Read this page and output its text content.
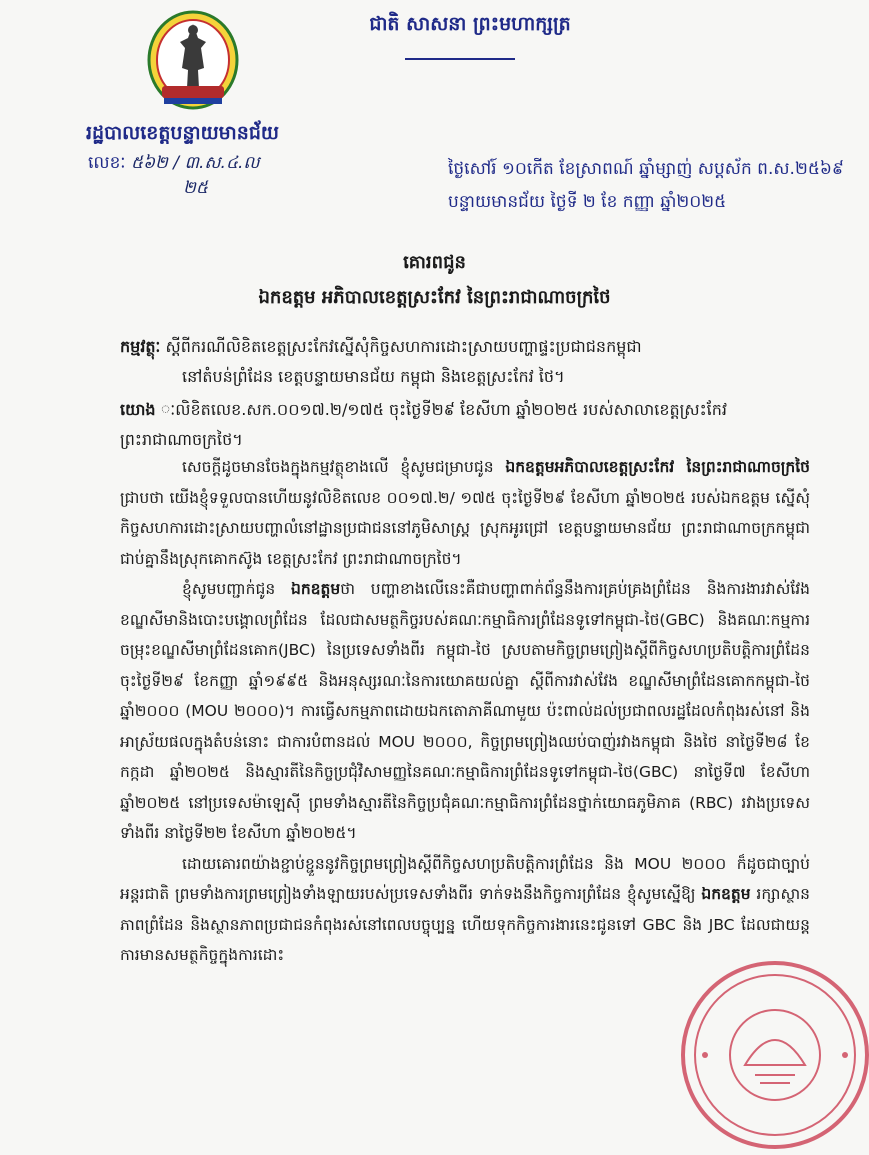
ជាតិ សាសនា ព្រះមហាក្សត្រ
រដ្ឋបាលខេត្តបន្ទាយមានជ័យ
លេខៈ ៥៦២ / ៣.ស.៤.ល
២៥
ថ្ងៃសៅរ៍ ១០កើត ខែស្រាពណ៍ ឆ្នាំម្សាញ់ សប្តស័ក ព.ស.២៥៦៩
បន្ទាយមានជ័យ ថ្ងៃទី ២ ខែ កញ្ញា ឆ្នាំ២០២៥
គោរពជូន
ឯកឧត្តម អភិបាលខេត្តស្រះកែវ នៃព្រះរាជាណាចក្រថៃ
កម្មវត្ថុៈ ស្តីពីករណីលិខិតខេត្តស្រះកែវស្នើសុំកិច្ចសហការដោះស្រាយបញ្ហាផ្ទះប្រជាជនកម្ពុជា
នៅតំបន់ព្រំដែន ខេត្តបន្ទាយមានជ័យ កម្ពុជា និងខេត្តស្រះកែវ ថៃ។
យោង ៈលិខិតលេខ.សក.០០១៧.២/១៧៥ ចុះថ្ងៃទី២៩ ខែសីហា ឆ្នាំ២០២៥ របស់សាលាខេត្តស្រះកែវ
ព្រះរាជាណាចក្រថៃ។

សេចក្តីដូចមានចែងក្នុងកម្មវត្ថុខាងលើ ខ្ញុំសូមជម្រាបជូន ឯកឧត្តមអភិបាលខេត្តស្រះកែវ នៃព្រះរាជាណាចក្រថៃ ជ្រាបថា យើងខ្ញុំទទួលបានហើយនូវលិខិតលេខ ០០១៧.២/ ១៧៥ ចុះថ្ងៃទី២៩ ខែសីហា ឆ្នាំ២០២៥ របស់ឯកឧត្តម ស្នើសុំកិច្ចសហការដោះស្រាយបញ្ហាលំនៅដ្ឋានប្រជាជននៅភូមិសាស្រ្ត ស្រុកអូរជ្រៅ ខេត្តបន្ទាយមានជ័យ ព្រះរាជាណាចក្រកម្ពុជា ជាប់គ្នានឹងស្រុកគោកស៊ូង ខេត្តស្រះកែវ ព្រះរាជាណាចក្រថៃ។

ខ្ញុំសូមបញ្ជាក់ជូន ឯកឧត្តមថា បញ្ហាខាងលើនេះគឺជាបញ្ហាពាក់ព័ន្ធនឹងការគ្រប់គ្រងព្រំដែន និងការងារវាស់វែង ខណ្ឌសីមានិងបោះបង្គោលព្រំដែន ដែលជាសមត្ថកិច្ចរបស់គណៈកម្មាធិការព្រំដែនទូទៅកម្ពុជា-ថៃ(GBC) និងគណៈកម្មការចម្រុះខណ្ឌសីមាព្រំដែនគោក(JBC) នៃប្រទេសទាំងពីរ កម្ពុជា-ថៃ ស្របតាមកិច្ចព្រមព្រៀងស្តីពីកិច្ចសហប្រតិបត្តិការព្រំដែន ចុះថ្ងៃទី២៩ ខែកញ្ញា ឆ្នាំ១៩៩៥ និងអនុស្សរណៈនៃការយោគយល់គ្នា ស្តីពីការវាស់វែង ខណ្ឌសីមាព្រំដែនគោកកម្ពុជា-ថៃ ឆ្នាំ២០០០ (MOU ២០០០)។ ការធ្វើសកម្មភាពដោយឯកតោភាគីណាមួយ ប៉ះពាល់ដល់ប្រជាពលរដ្ឋដែលកំពុងរស់នៅ និងអាស្រ័យផលក្នុងតំបន់នោះ ជាការបំពានដល់ MOU ២០០០, កិច្ចព្រមព្រៀងឈប់បាញ់រវាងកម្ពុជា និងថៃ នាថ្ងៃទី២៨ ខែកក្កដា ឆ្នាំ២០២៥ និងស្មារតីនៃកិច្ចប្រជុំវិសាមញ្ញនៃគណៈកម្មាធិការព្រំដែនទូទៅកម្ពុជា-ថៃ(GBC) នាថ្ងៃទី៧ ខែសីហា ឆ្នាំ២០២៥ នៅប្រទេសម៉ាឡេស៊ី ព្រមទាំងស្មារតីនៃកិច្ចប្រជុំគណៈកម្មាធិការព្រំដែនថ្នាក់យោធភូមិភាគ (RBC) រវាងប្រទេសទាំងពីរ នាថ្ងៃទី២២ ខែសីហា ឆ្នាំ២០២៥។

ដោយគោរពយ៉ាងខ្ជាប់ខ្ជួននូវកិច្ចព្រមព្រៀងស្តីពីកិច្ចសហប្រតិបត្តិការព្រំដែន និង MOU ២០០០ ក៏ដូចជាច្បាប់អន្តរជាតិ ព្រមទាំងការព្រមព្រៀងទាំងឡាយរបស់ប្រទេសទាំងពីរ ទាក់ទងនឹងកិច្ចការព្រំដែន ខ្ញុំសូមស្នើឱ្យ ឯកឧត្តម រក្សាស្ថានភាពព្រំដែន និងស្ថានភាពប្រជាជនកំពុងរស់នៅពេលបច្ចុប្បន្ន ហើយទុកកិច្ចការងារនេះជូនទៅ GBC និង JBC ដែលជាយន្តការមានសមត្ថកិច្ចក្នុងការដោះ
